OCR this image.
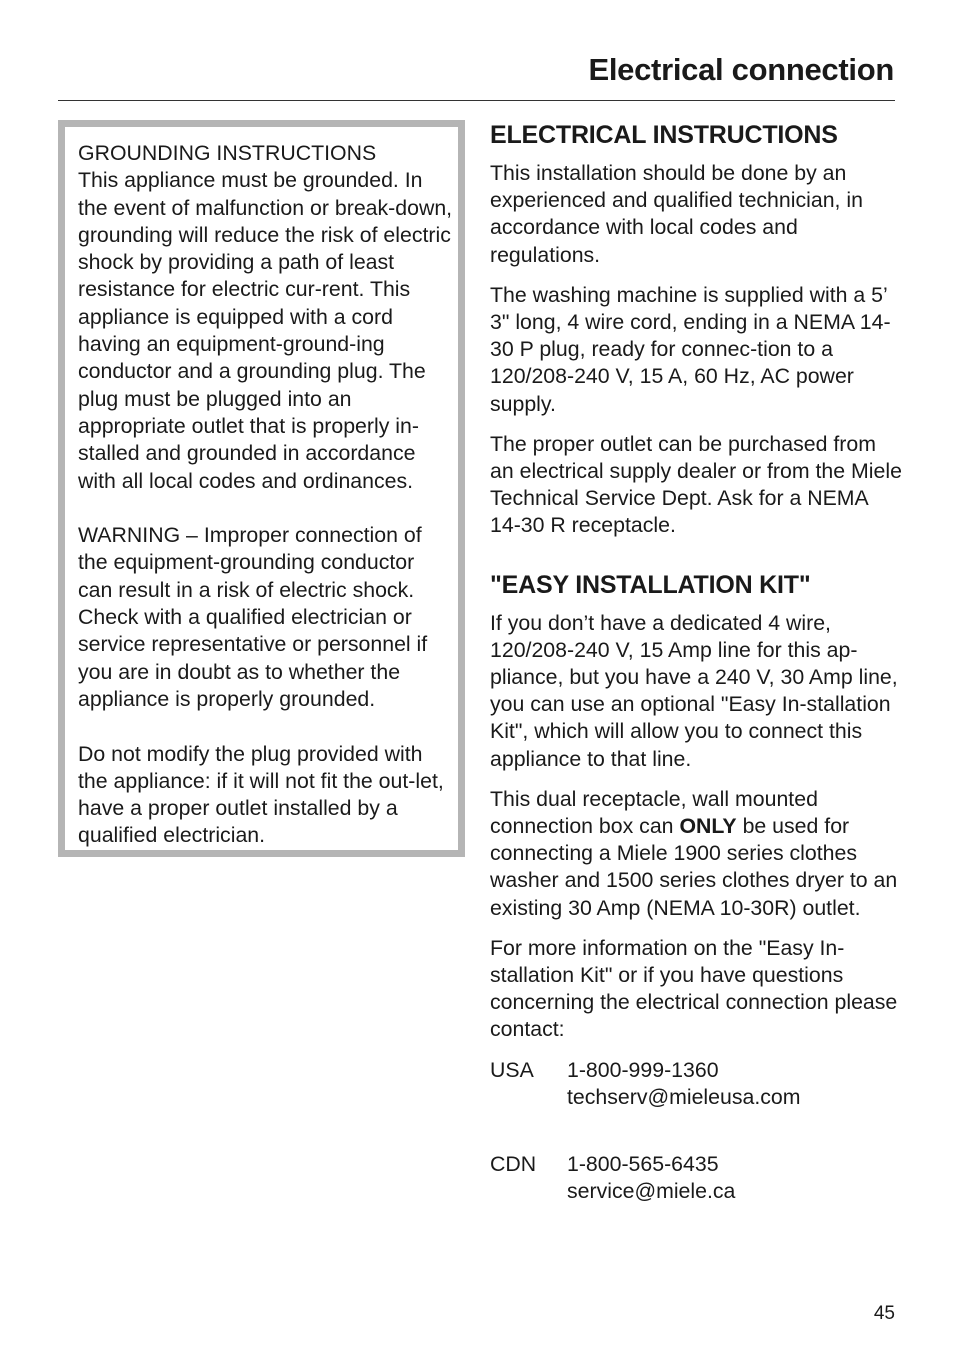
Electrical connection

GROUNDING INSTRUCTIONS
This appliance must be grounded. In the event of malfunction or break-down, grounding will reduce the risk of electric shock by providing a path of least resistance for electric cur-rent. This appliance is equipped with a cord having an equipment-ground-ing conductor and a grounding plug. The plug must be plugged into an appropriate outlet that is properly in-stalled and grounded in accordance with all local codes and ordinances.

WARNING – Improper connection of the equipment-grounding conductor can result in a risk of electric shock. Check with a qualified electrician or service representative or personnel if you are in doubt as to whether the appliance is properly grounded.

Do not modify the plug provided with the appliance: if it will not fit the out-let, have a proper outlet installed by a qualified electrician.

ELECTRICAL INSTRUCTIONS

This installation should be done by an experienced and qualified technician, in accordance with local codes and regulations.

The washing machine is supplied with a 5’ 3" long, 4 wire cord, ending in a NEMA 14-30 P plug, ready for connec-tion to a 120/208-240 V, 15 A, 60 Hz, AC power supply.

The proper outlet can be purchased from an electrical supply dealer or from the Miele Technical Service Dept. Ask for a NEMA 14-30 R receptacle.

"EASY INSTALLATION KIT"

If you don’t have a dedicated 4 wire, 120/208-240 V, 15 Amp line for this ap-pliance, but you have a 240 V, 30 Amp line, you can use an optional "Easy In-stallation Kit", which will allow you to connect this appliance to that line.

This dual receptacle, wall mounted connection box can ONLY be used for connecting a Miele 1900 series clothes washer and 1500 series clothes dryer to an existing 30 Amp (NEMA 10-30R) outlet.

For more information on the "Easy In-stallation Kit" or if you have questions concerning the electrical connection please contact:

USA	1-800-999-1360
techserv@mieleusa.com
CDN	1-800-565-6435
service@miele.ca
45
